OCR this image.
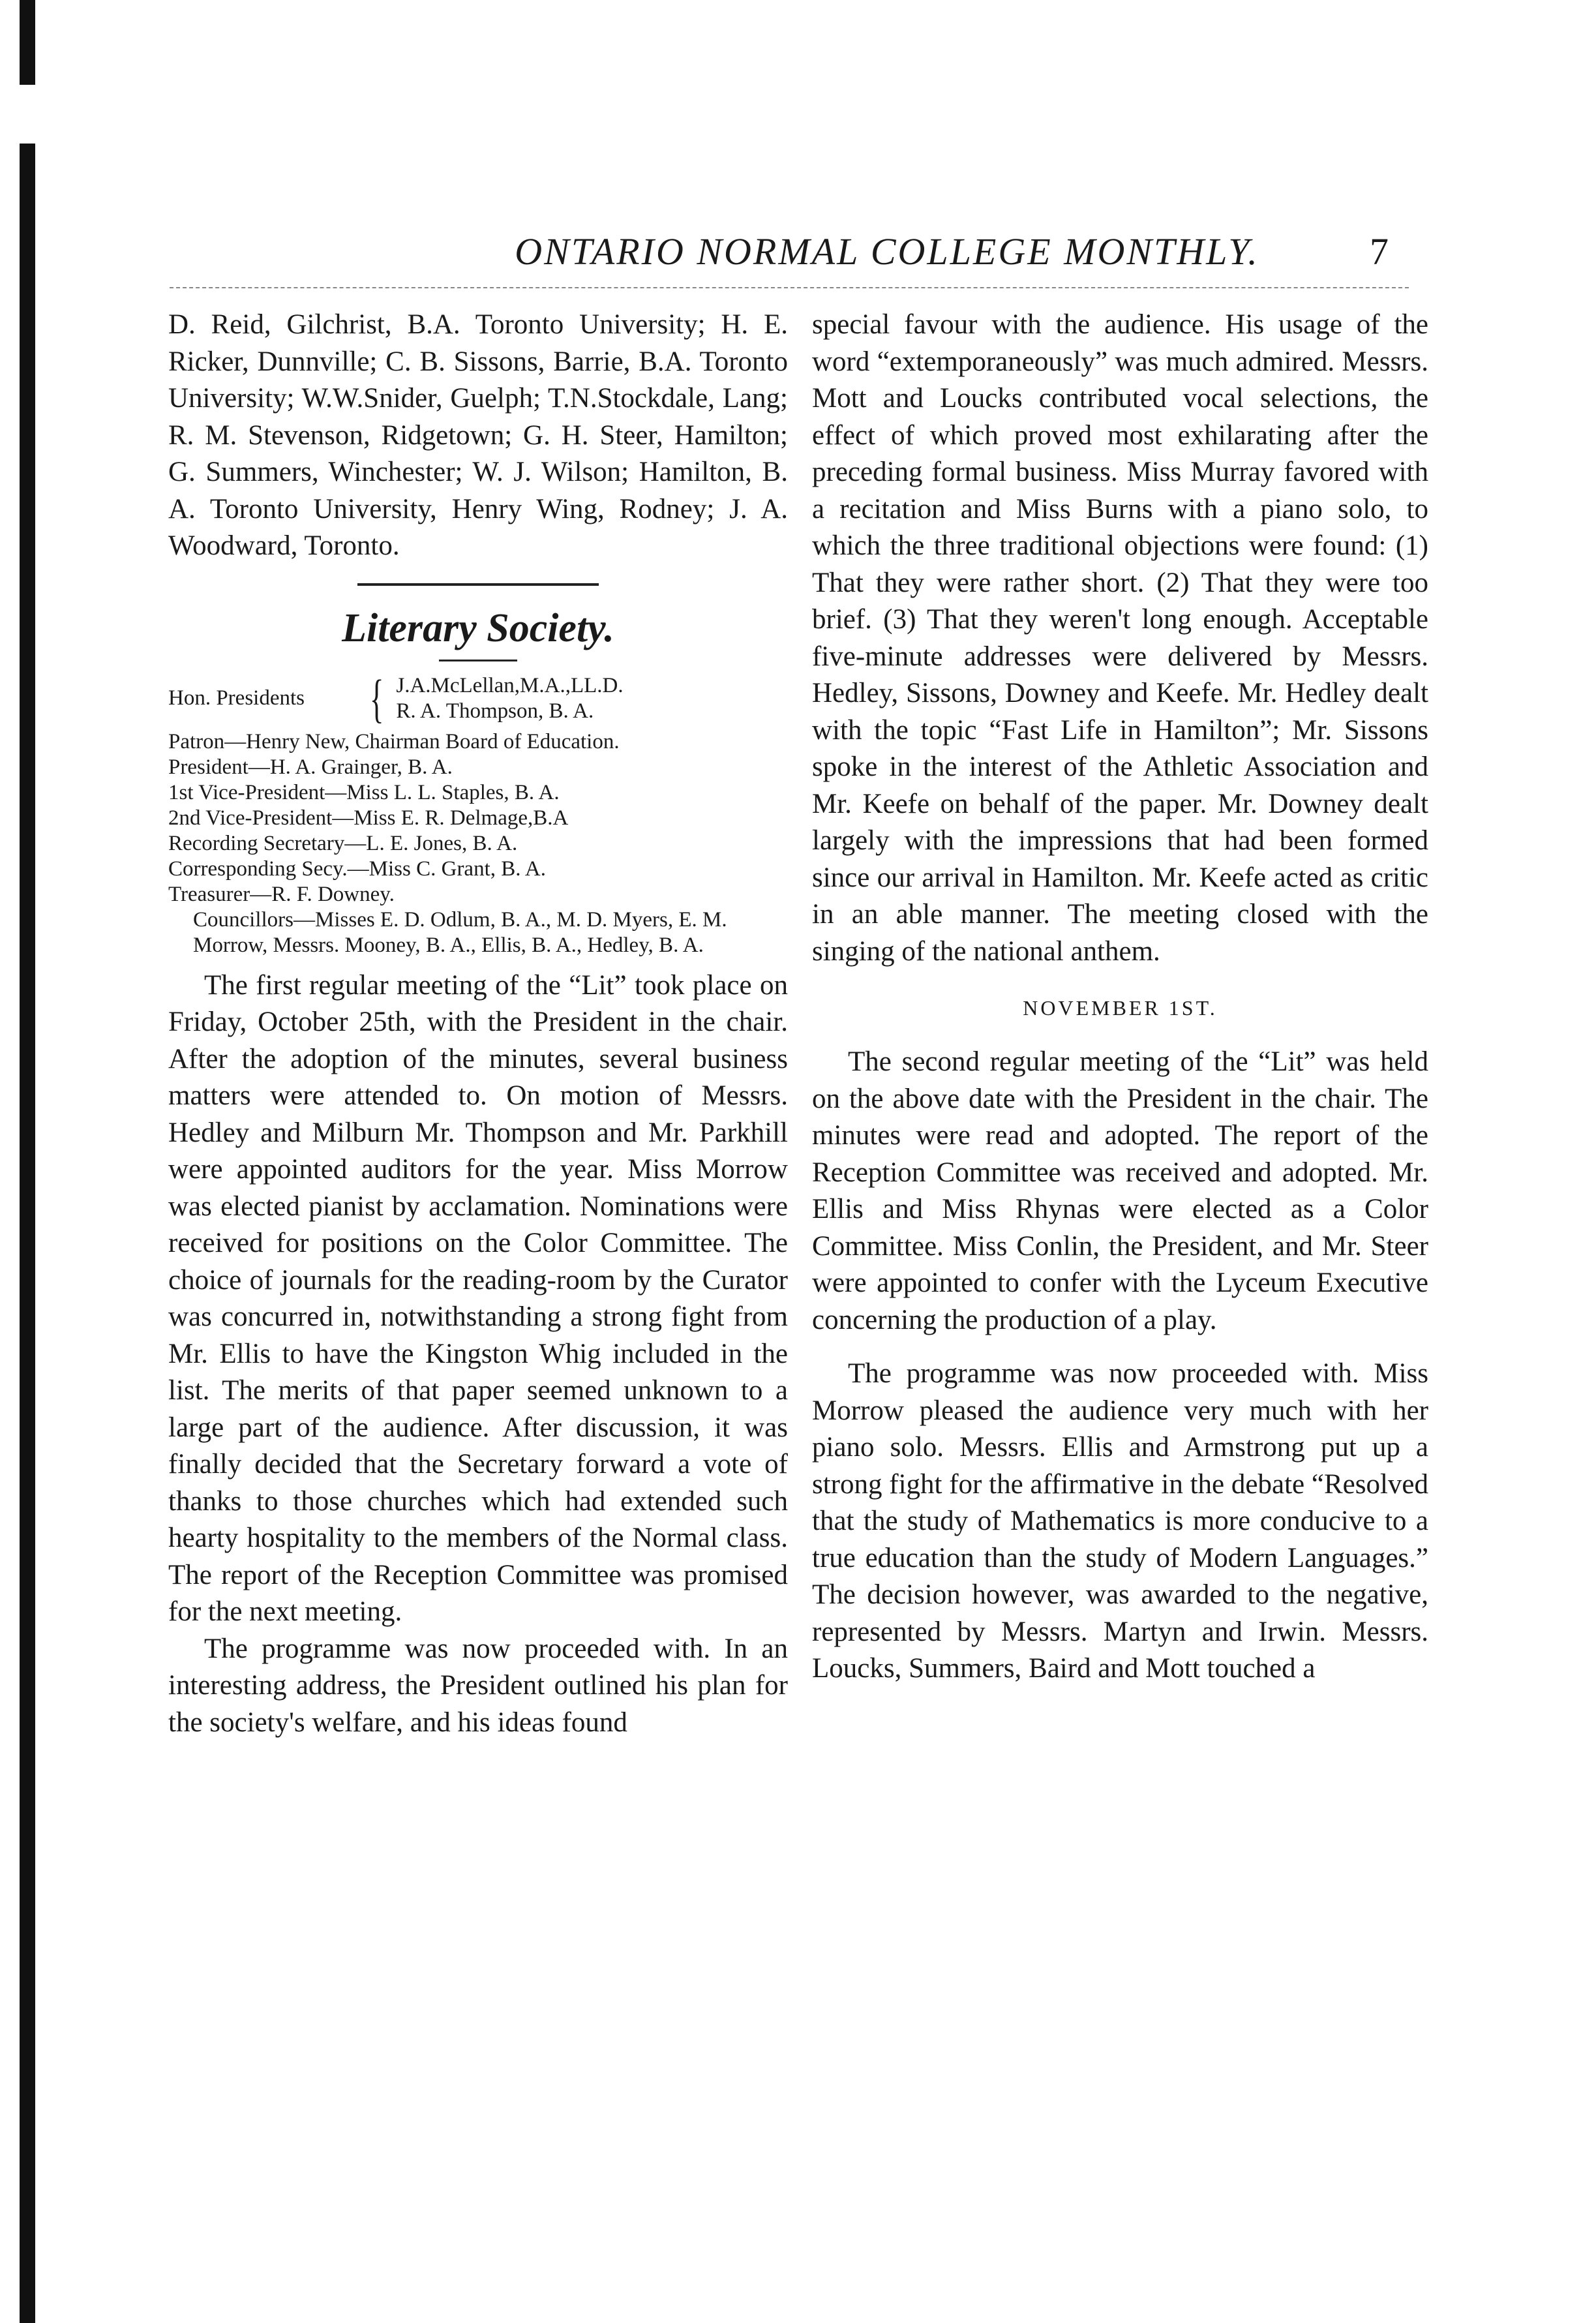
ONTARIO NORMAL COLLEGE MONTHLY.	7

D. Reid, Gilchrist, B.A. Toronto University; H. E. Ricker, Dunnville; C. B. Sissons, Barrie, B.A. Toronto University; W.W.Snider, Guelph; T.N.Stockdale, Lang; R. M. Stevenson, Ridgetown; G. H. Steer, Hamilton; G. Summers, Winchester; W. J. Wilson; Hamilton, B. A. Toronto University, Henry Wing, Rodney; J. A. Woodward, Toronto.

Literary Society.
Hon. Presidents	{ J.A.McLellan,M.A.,LL.D.

R. A. Thompson, B. A.

Patron—Henry New, Chairman Board of Education.

President—H. A. Grainger, B. A.

1st Vice-President—Miss L. L. Staples, B. A.

2nd Vice-President—Miss E. R. Delmage,B.A

Recording Secretary—L. E. Jones, B. A.

Corresponding Secy.—Miss C. Grant, B. A.

Treasurer—R. F. Downey.

Councillors—Misses E. D. Odlum, B. A., M. D. Myers, E. M. Morrow, Messrs. Mooney, B. A., Ellis, B. A., Hedley, B. A.

The first regular meeting of the “Lit” took place on Friday, October 25th, with the President in the chair. After the adoption of the minutes, several business matters were attended to. On motion of Messrs. Hedley and Milburn Mr. Thompson and Mr. Parkhill were appointed auditors for the year. Miss Morrow was elected pianist by acclamation. Nominations were received for positions on the Color Committee. The choice of journals for the reading-room by the Curator was concurred in, notwithstanding a strong fight from Mr. Ellis to have the Kingston Whig included in the list. The merits of that paper seemed unknown to a large part of the audience. After discussion, it was finally decided that the Secretary forward a vote of thanks to those churches which had extended such hearty hospitality to the members of the Normal class. The report of the Reception Committee was promised for the next meeting.

The programme was now proceeded with. In an interesting address, the President outlined his plan for the society's welfare, and his ideas found

special favour with the audience. His usage of the word “extemporaneously” was much admired. Messrs. Mott and Loucks contributed vocal selections, the effect of which proved most exhilarating after the preceding formal business. Miss Murray favored with a recitation and Miss Burns with a piano solo, to which the three traditional objections were found: (1) That they were rather short. (2) That they were too brief. (3) That they weren't long enough. Acceptable five-minute addresses were delivered by Messrs. Hedley, Sissons, Downey and Keefe. Mr. Hedley dealt with the topic “Fast Life in Hamilton”; Mr. Sissons spoke in the interest of the Athletic Association and Mr. Keefe on behalf of the paper. Mr. Downey dealt largely with the impressions that had been formed since our arrival in Hamilton. Mr. Keefe acted as critic in an able manner. The meeting closed with the singing of the national anthem.

NOVEMBER 1ST.

The second regular meeting of the “Lit” was held on the above date with the President in the chair. The minutes were read and adopted. The report of the Reception Committee was received and adopted. Mr. Ellis and Miss Rhynas were elected as a Color Committee. Miss Conlin, the President, and Mr. Steer were appointed to confer with the Lyceum Executive concerning the production of a play.

The programme was now proceeded with. Miss Morrow pleased the audience very much with her piano solo. Messrs. Ellis and Armstrong put up a strong fight for the affirmative in the debate “Resolved that the study of Mathematics is more conducive to a true education than the study of Modern Languages.” The decision however, was awarded to the negative, represented by Messrs. Martyn and Irwin. Messrs. Loucks, Summers, Baird and Mott touched a
